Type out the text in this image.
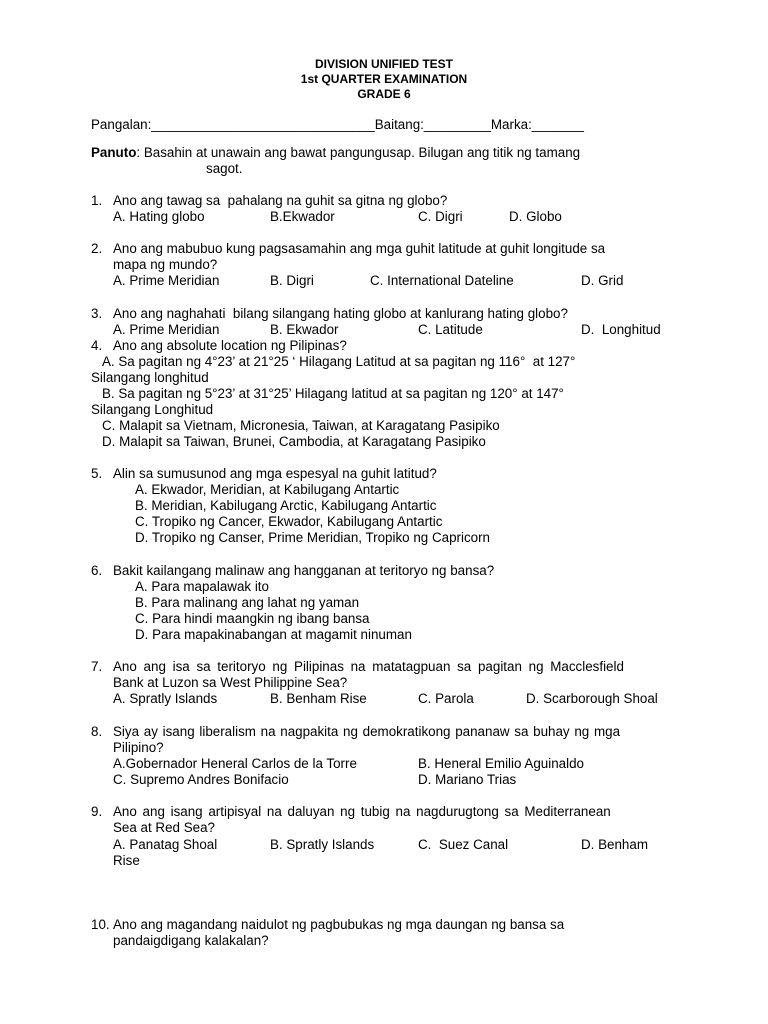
DIVISION UNIFIED TEST
1st QUARTER EXAMINATION
GRADE 6
Pangalan:______________________________Baitang:_________Marka:_______
Panuto: Basahin at unawain ang bawat pangungusap. Bilugan ang titik ng tamang
sagot.
1. Ano ang tawag sa  pahalang na guhit sa gitna ng globo?
A. Hating globo	B.Ekwador	C. Digri	D. Globo
2. Ano ang mabubuo kung pagsasamahin ang mga guhit latitude at guhit longitude sa
mapa ng mundo?
A. Prime Meridian	B. Digri	C. International Dateline	D. Grid
3. Ano ang naghahati  bilang silangang hating globo at kanlurang hating globo?
A. Prime Meridian	B. Ekwador	C. Latitude	D.  Longhitud
4. Ano ang absolute location ng Pilipinas?
A. Sa pagitan ng 4°23’ at 21°25 ‘ Hilagang Latitud at sa pagitan ng 116°  at 127°
Silangang longhitud
B. Sa pagitan ng 5°23’ at 31°25’ Hilagang latitud at sa pagitan ng 120° at 147°
Silangang Longhitud
C. Malapit sa Vietnam, Micronesia, Taiwan, at Karagatang Pasipiko
D. Malapit sa Taiwan, Brunei, Cambodia, at Karagatang Pasipiko
5. Alin sa sumusunod ang mga espesyal na guhit latitud?
A. Ekwador, Meridian, at Kabilugang Antartic
B. Meridian, Kabilugang Arctic, Kabilugang Antartic
C. Tropiko ng Cancer, Ekwador, Kabilugang Antartic
D. Tropiko ng Canser, Prime Meridian, Tropiko ng Capricorn
6. Bakit kailangang malinaw ang hangganan at teritoryo ng bansa?
A. Para mapalawak ito
B. Para malinang ang lahat ng yaman
C. Para hindi maangkin ng ibang bansa
D. Para mapakinabangan at magamit ninuman
7. Ano ang isa sa teritoryo ng Pilipinas na matatagpuan sa pagitan ng Macclesfield
Bank at Luzon sa West Philippine Sea?
A. Spratly Islands	B. Benham Rise	C. Parola	D. Scarborough Shoal
8. Siya ay isang liberalism na nagpakita ng demokratikong pananaw sa buhay ng mga
Pilipino?
A.Gobernador Heneral Carlos de la Torre	B. Heneral Emilio Aguinaldo
C. Supremo Andres Bonifacio	D. Mariano Trias
9. Ano ang isang artipisyal na daluyan ng tubig na nagdurugtong sa Mediterranean
Sea at Red Sea?
A. Panatag Shoal	B. Spratly Islands	C.  Suez Canal	D. Benham
Rise
10. Ano ang magandang naidulot ng pagbubukas ng mga daungan ng bansa sa
pandaigdigang kalakalan?
